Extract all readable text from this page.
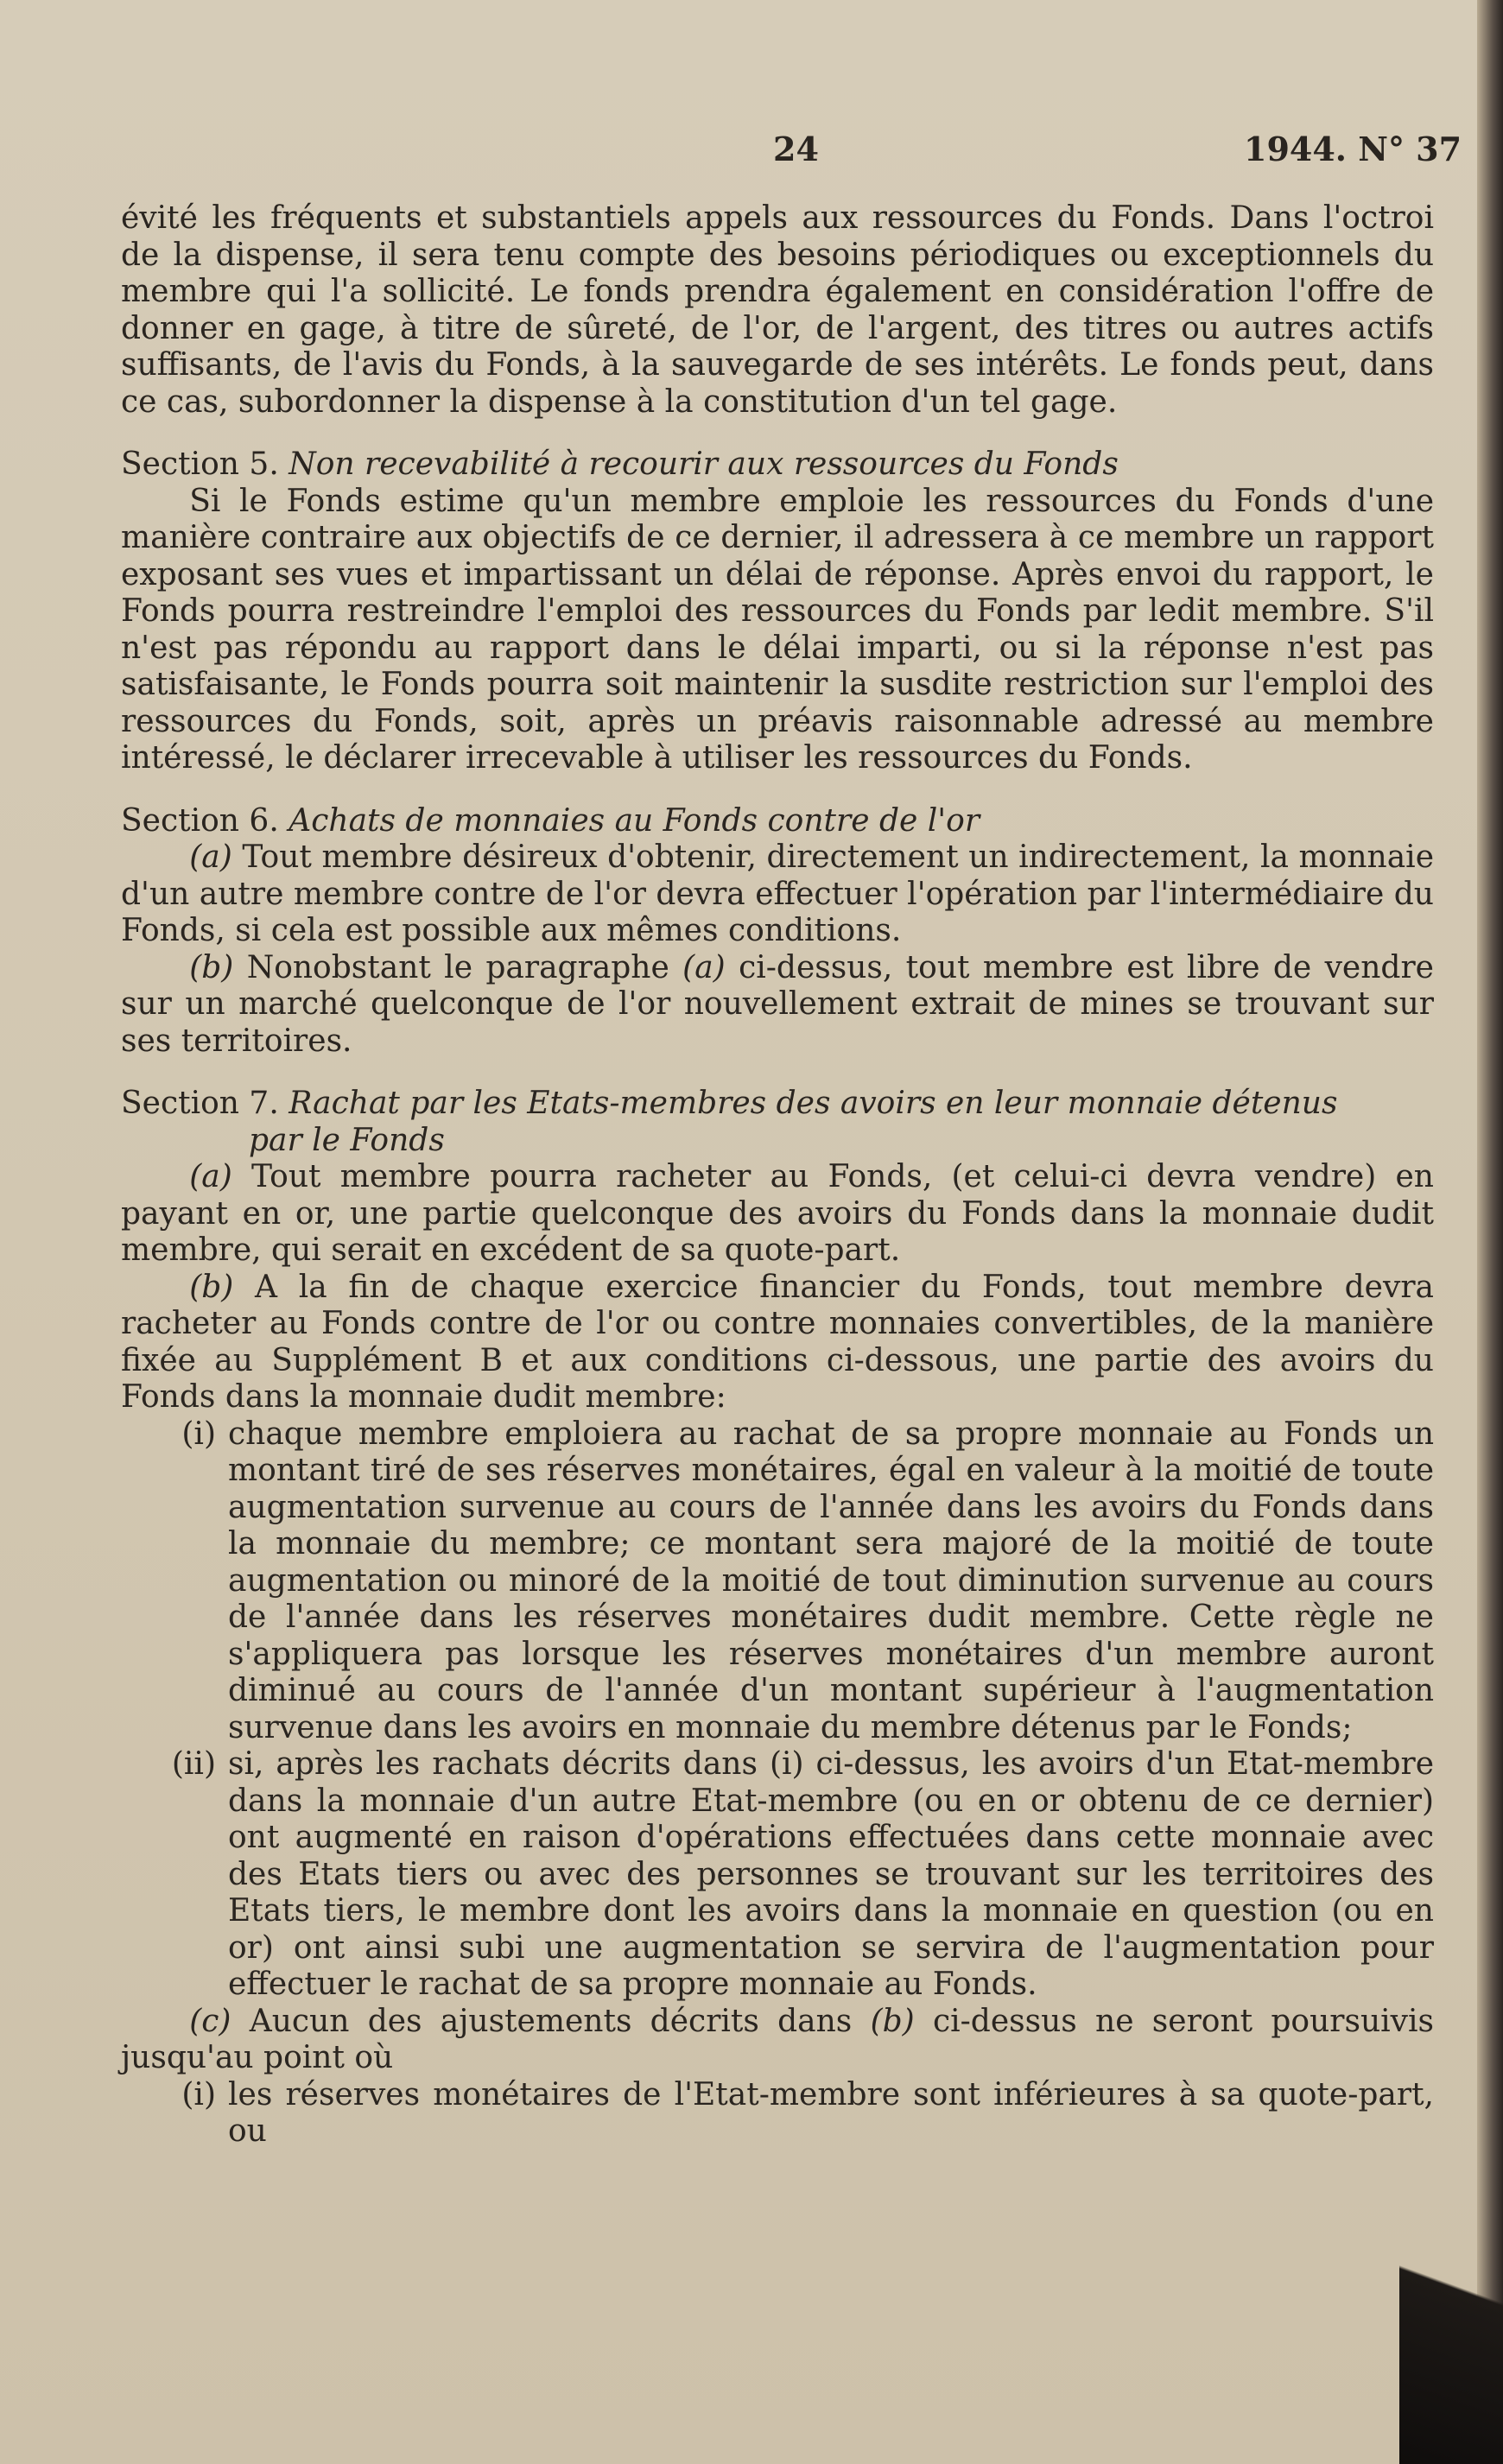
24	1944. N° 37

évité les fréquents et substantiels appels aux ressources du Fonds. Dans l'octroi de la dispense, il sera tenu compte des besoins périodiques ou exceptionnels du membre qui l'a sollicité. Le fonds prendra également en considération l'offre de donner en gage, à titre de sûreté, de l'or, de l'argent, des titres ou autres actifs suffisants, de l'avis du Fonds, à la sauvegarde de ses intérêts. Le fonds peut, dans ce cas, subordonner la dispense à la constitution d'un tel gage.

Section 5. Non recevabilité à recourir aux ressources du Fonds

Si le Fonds estime qu'un membre emploie les ressources du Fonds d'une manière contraire aux objectifs de ce dernier, il adressera à ce membre un rapport exposant ses vues et impartissant un délai de réponse. Après envoi du rapport, le Fonds pourra restreindre l'emploi des ressources du Fonds par ledit membre. S'il n'est pas répondu au rapport dans le délai imparti, ou si la réponse n'est pas satisfaisante, le Fonds pourra soit maintenir la susdite restriction sur l'emploi des ressources du Fonds, soit, après un préavis raisonnable adressé au membre intéressé, le déclarer irrecevable à utiliser les ressources du Fonds.

Section 6. Achats de monnaies au Fonds contre de l'or

(a) Tout membre désireux d'obtenir, directement un indirectement, la monnaie d'un autre membre contre de l'or devra effectuer l'opération par l'intermédiaire du Fonds, si cela est possible aux mêmes conditions.

(b) Nonobstant le paragraphe (a) ci-dessus, tout membre est libre de vendre sur un marché quelconque de l'or nouvellement extrait de mines se trouvant sur ses territoires.

Section 7. Rachat par les Etats-membres des avoirs en leur monnaie détenus
par le Fonds

(a) Tout membre pourra racheter au Fonds, (et celui-ci devra vendre) en payant en or, une partie quelconque des avoirs du Fonds dans la monnaie dudit membre, qui serait en excédent de sa quote-part.

(b) A la fin de chaque exercice financier du Fonds, tout membre devra racheter au Fonds contre de l'or ou contre monnaies convertibles, de la manière fixée au Supplément B et aux conditions ci-dessous, une partie des avoirs du Fonds dans la monnaie dudit membre:

(i) chaque membre emploiera au rachat de sa propre monnaie au Fonds un montant tiré de ses réserves monétaires, égal en valeur à la moitié de toute augmentation survenue au cours de l'année dans les avoirs du Fonds dans la monnaie du membre; ce montant sera majoré de la moitié de toute augmentation ou minoré de la moitié de tout diminution survenue au cours de l'année dans les réserves monétaires dudit membre. Cette règle ne s'appliquera pas lorsque les réserves monétaires d'un membre auront diminué au cours de l'année d'un montant supérieur à l'augmentation survenue dans les avoirs en monnaie du membre détenus par le Fonds;
(ii) si, après les rachats décrits dans (i) ci-dessus, les avoirs d'un Etat-membre dans la monnaie d'un autre Etat-membre (ou en or obtenu de ce dernier) ont augmenté en raison d'opérations effectuées dans cette monnaie avec des Etats tiers ou avec des personnes se trouvant sur les territoires des Etats tiers, le membre dont les avoirs dans la monnaie en question (ou en or) ont ainsi subi une augmentation se servira de l'augmentation pour effectuer le rachat de sa propre monnaie au Fonds.

(c) Aucun des ajustements décrits dans (b) ci-dessus ne seront poursuivis jusqu'au point où

(i) les réserves monétaires de l'Etat-membre sont inférieures à sa quote-part, ou
